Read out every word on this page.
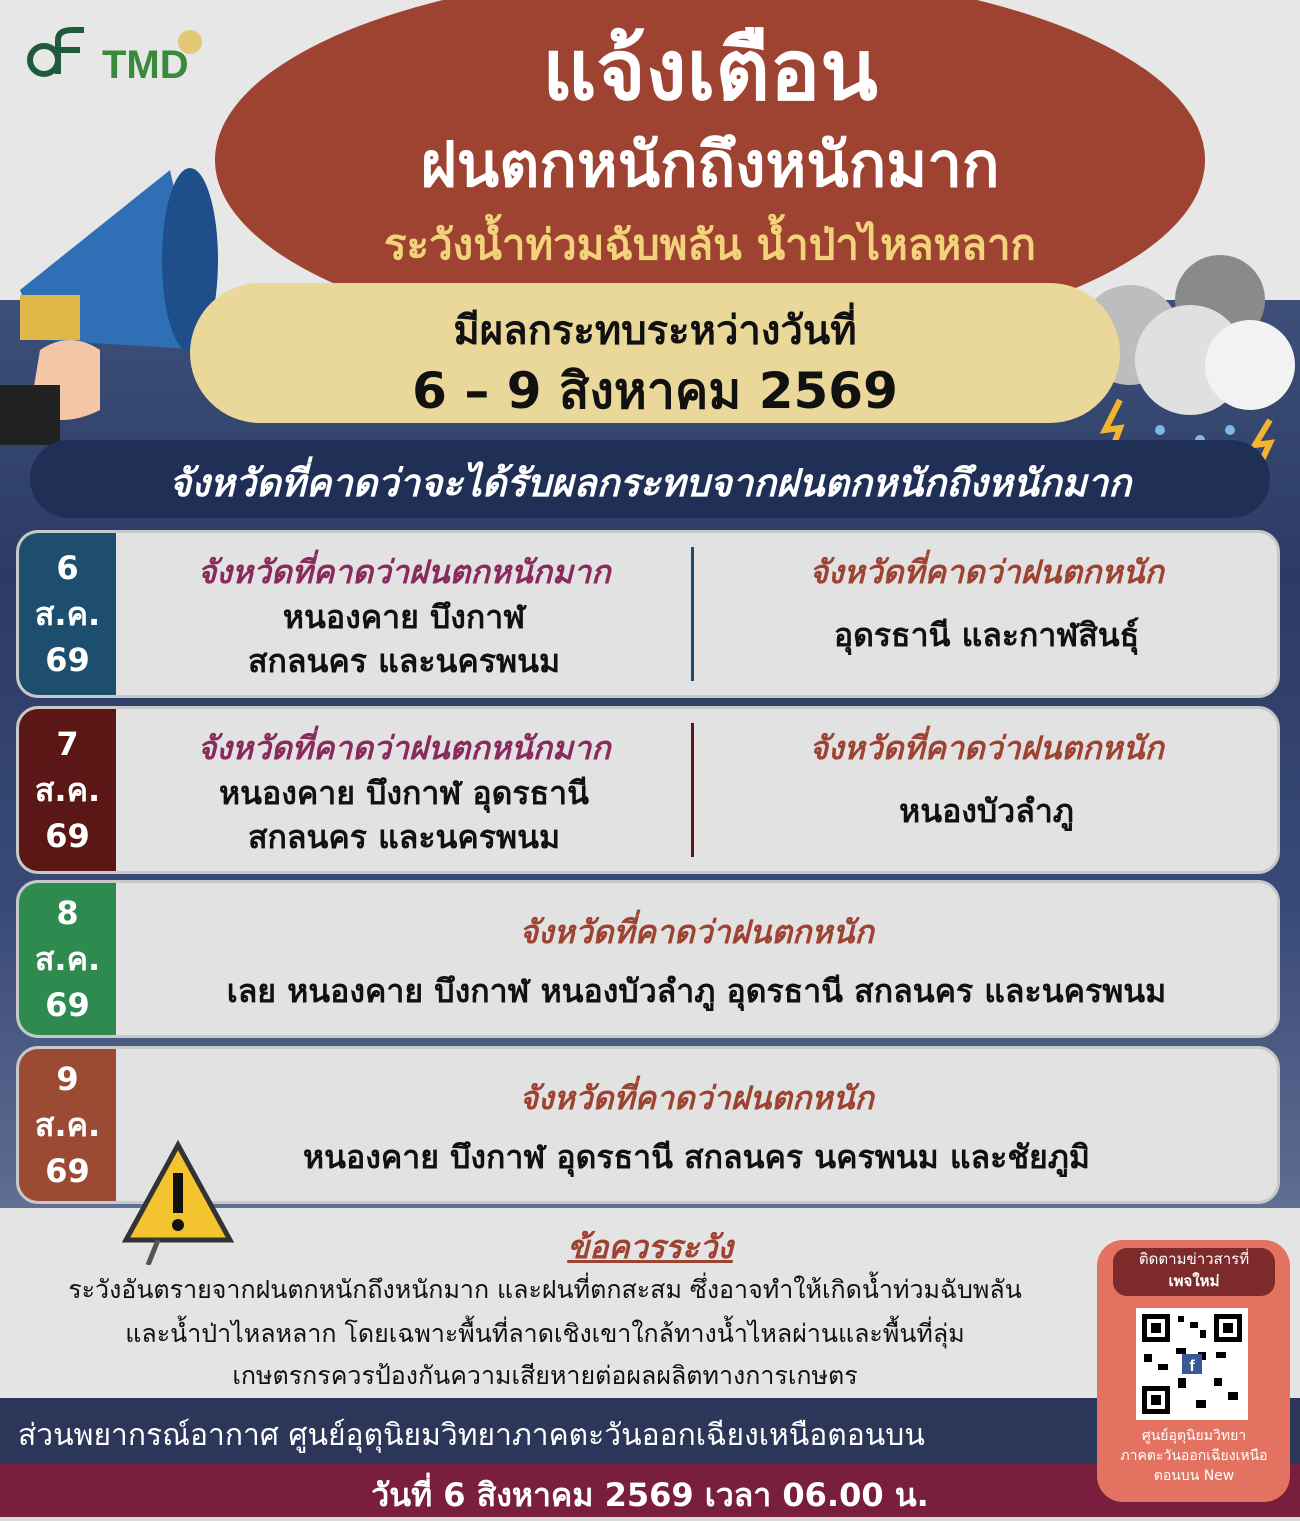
TMD	แจ้งเตือน
ฝนตกหนักถึงหนักมาก
ระวังน้ำท่วมฉับพลัน น้ำป่าไหลหลาก
มีผลกระทบระหว่างวันที่
6 – 9 สิงหาคม 2569
จังหวัดที่คาดว่าจะได้รับผลกระทบจากฝนตกหนักถึงหนักมาก
6
ส.ค.
69
จังหวัดที่คาดว่าฝนตกหนักมาก
หนองคาย บึงกาฬ
สกลนคร และนครพนม
จังหวัดที่คาดว่าฝนตกหนัก
อุดรธานี และกาฬสินธุ์
7
ส.ค.
69
จังหวัดที่คาดว่าฝนตกหนักมาก
หนองคาย บึงกาฬ อุดรธานี
สกลนคร และนครพนม
จังหวัดที่คาดว่าฝนตกหนัก
หนองบัวลำภู
8
ส.ค.
69
จังหวัดที่คาดว่าฝนตกหนัก
เลย หนองคาย บึงกาฬ หนองบัวลำภู อุดรธานี สกลนคร และนครพนม
9
ส.ค.
69
จังหวัดที่คาดว่าฝนตกหนัก
หนองคาย บึงกาฬ อุดรธานี สกลนคร นครพนม และชัยภูมิ
ข้อควรระวัง
ระวังอันตรายจากฝนตกหนักถึงหนักมาก และฝนที่ตกสะสม ซึ่งอาจทำให้เกิดน้ำท่วมฉับพลัน
และน้ำป่าไหลหลาก โดยเฉพาะพื้นที่ลาดเชิงเขาใกล้ทางน้ำไหลผ่านและพื้นที่ลุ่ม
เกษตรกรควรป้องกันความเสียหายต่อผลผลิตทางการเกษตร
ส่วนพยากรณ์อากาศ ศูนย์อุตุนิยมวิทยาภาคตะวันออกเฉียงเหนือตอนบน
วันที่ 6 สิงหาคม 2569 เวลา 06.00 น.
ติดตามข่าวสารที่
เพจใหม่
f
ศูนย์อุตุนิยมวิทยา
ภาคตะวันออกเฉียงเหนือ
ตอนบน New
